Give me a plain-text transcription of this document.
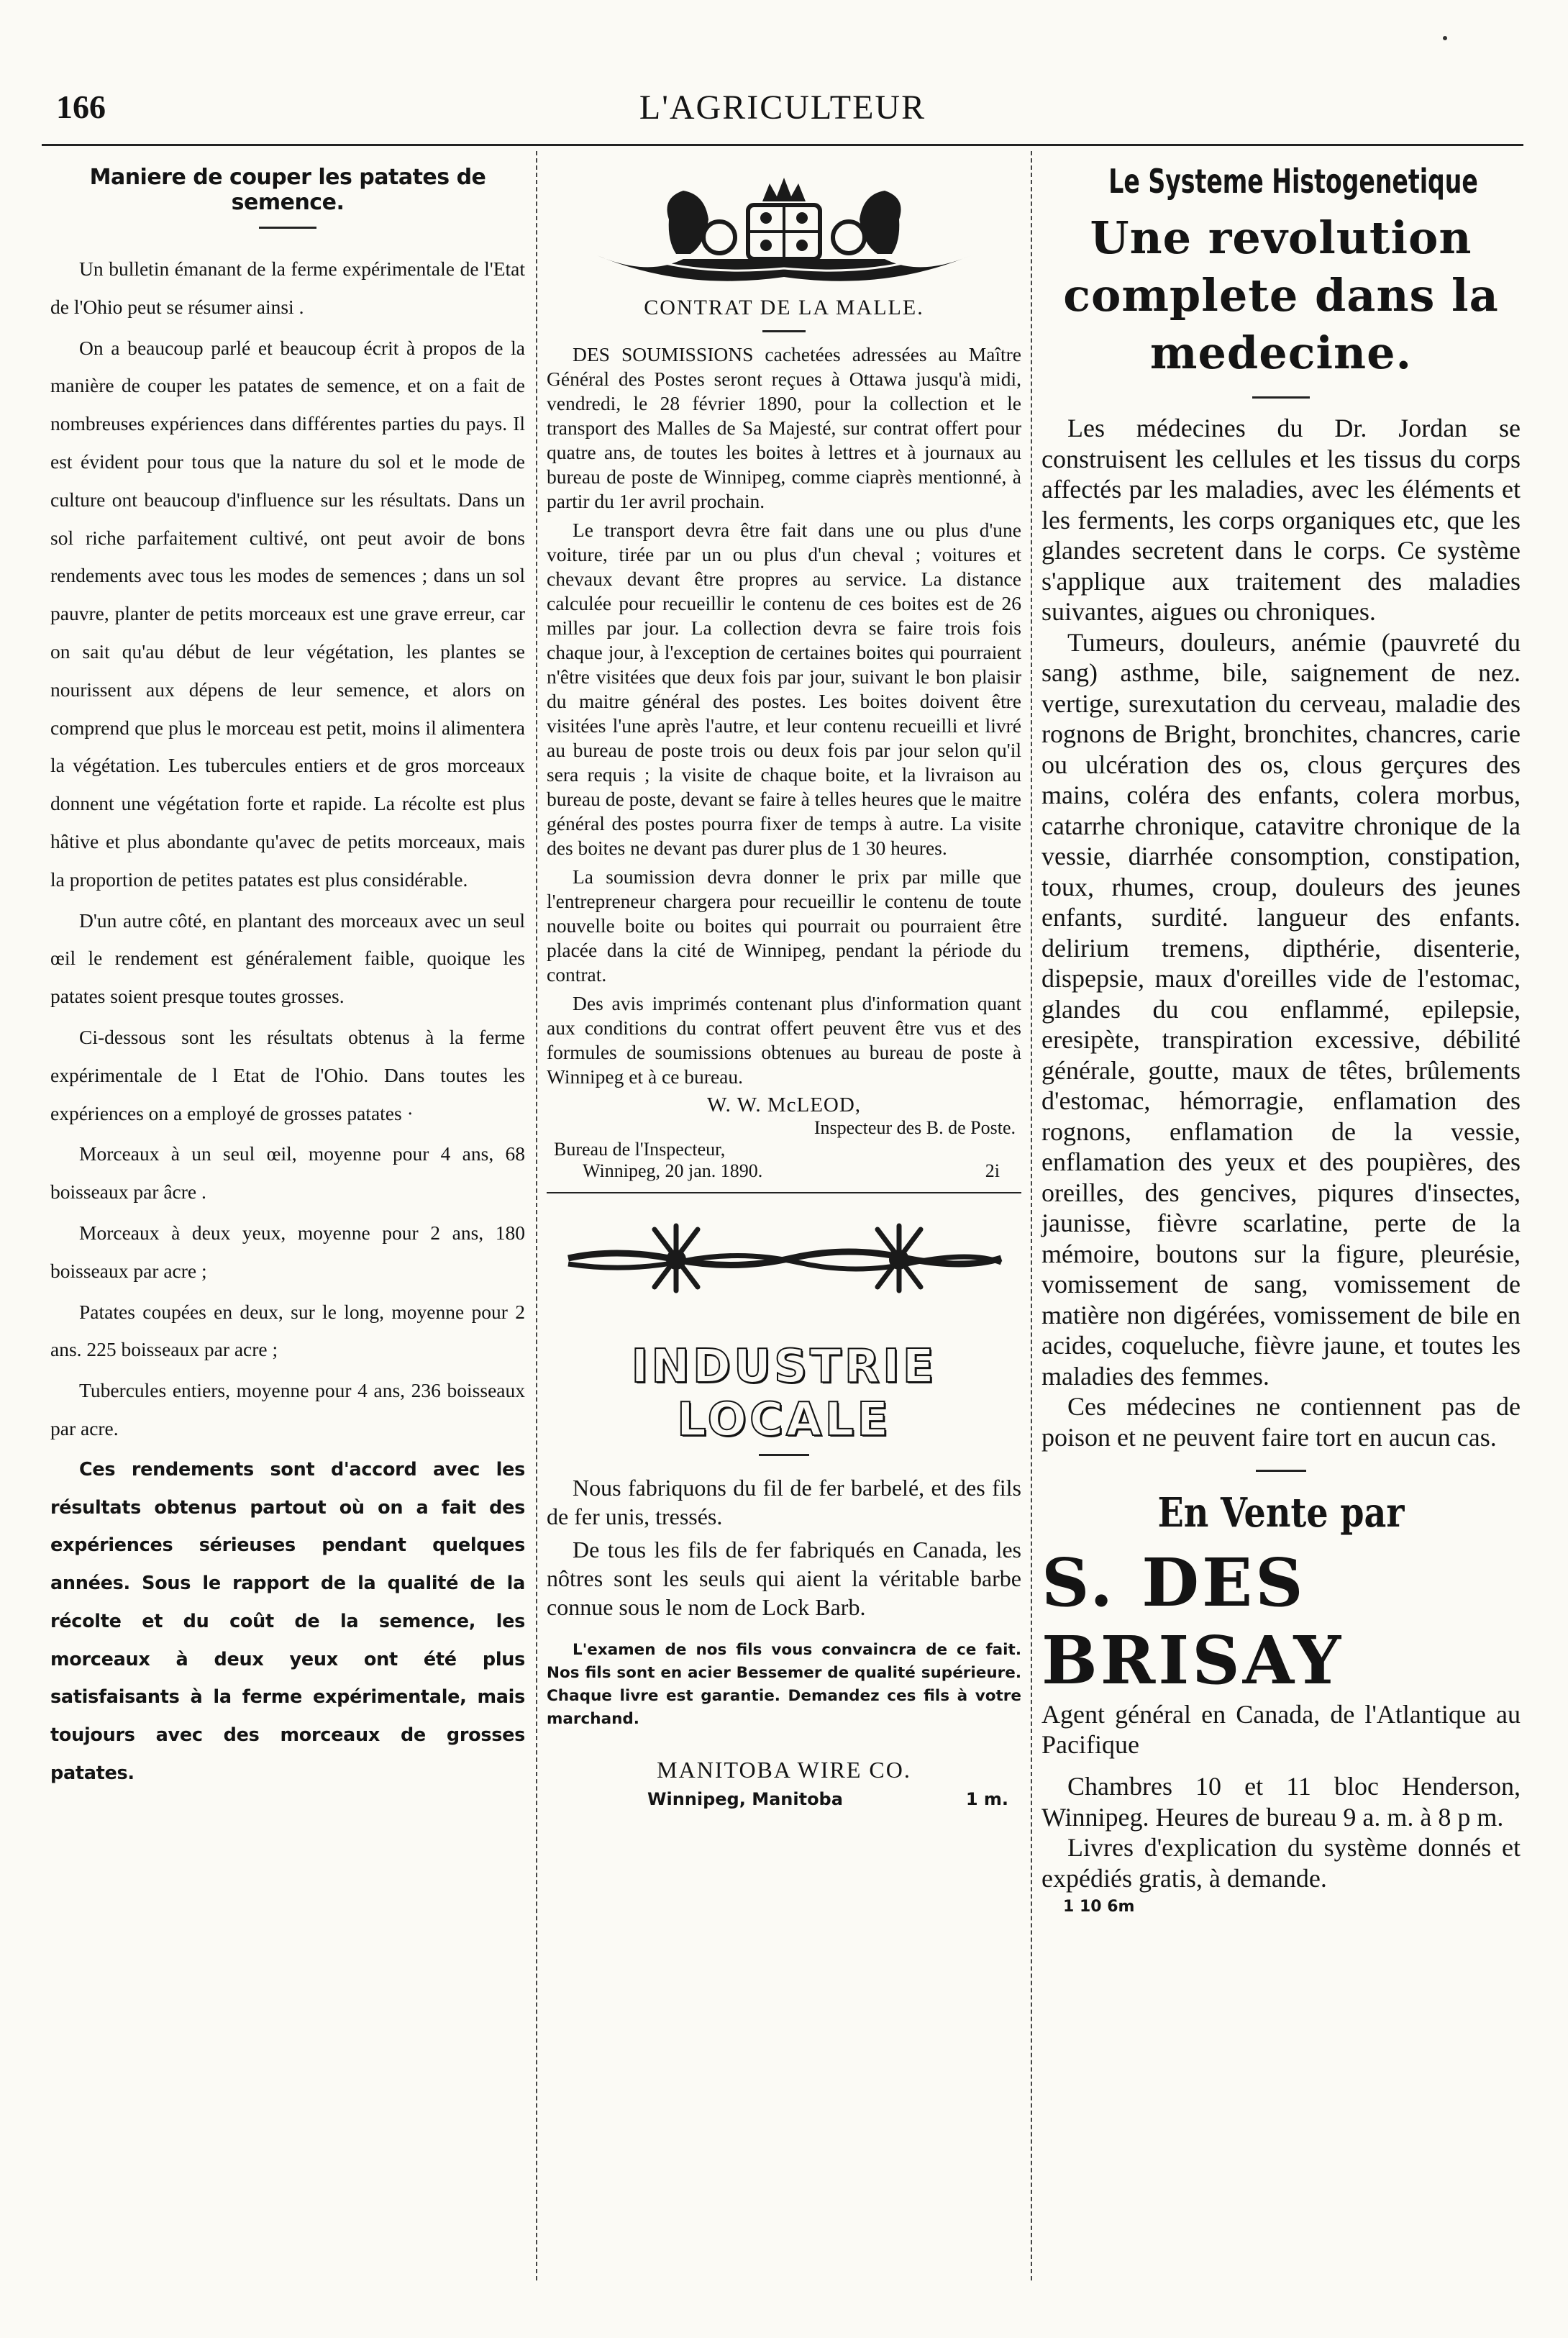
166	L'AGRICULTEUR
Maniere de couper les patates de semence.

Un bulletin émanant de la ferme expérimentale de l'Etat de l'Ohio peut se résumer ainsi .

On a beaucoup parlé et beaucoup écrit à propos de la manière de couper les patates de semence, et on a fait de nombreuses expériences dans différentes parties du pays. Il est évident pour tous que la nature du sol et le mode de culture ont beaucoup d'influence sur les résultats. Dans un sol riche parfaitement cultivé, ont peut avoir de bons rendements avec tous les modes de semences ; dans un sol pauvre, planter de petits morceaux est une grave erreur, car on sait qu'au début de leur végétation, les plantes se nourissent aux dépens de leur semence, et alors on comprend que plus le morceau est petit, moins il alimentera la végétation. Les tubercules entiers et de gros morceaux donnent une végétation forte et rapide. La récolte est plus hâtive et plus abondante qu'avec de petits morceaux, mais la proportion de petites patates est plus considérable.

D'un autre côté, en plantant des morceaux avec un seul œil le rendement est généralement faible, quoique les patates soient presque toutes grosses.

Ci-dessous sont les résultats obtenus à la ferme expérimentale de l Etat de l'Ohio. Dans toutes les expériences on a employé de grosses patates ·

Morceaux à un seul œil, moyenne pour 4 ans, 68 boisseaux par âcre .

Morceaux à deux yeux, moyenne pour 2 ans, 180 boisseaux par acre ;

Patates coupées en deux, sur le long, moyenne pour 2 ans. 225 boisseaux par acre ;

Tubercules entiers, moyenne pour 4 ans, 236 boisseaux par acre.

Ces rendements sont d'accord avec les résultats obtenus partout où on a fait des expériences sérieuses pendant quelques années. Sous le rapport de la qualité de la récolte et du coût de la semence, les morceaux à deux yeux ont été plus satisfaisants à la ferme expérimentale, mais toujours avec des morceaux de grosses patates.

CONTRAT DE LA MALLE.

DES SOUMISSIONS cachetées adressées au Maître Général des Postes seront reçues à Ottawa jusqu'à midi, vendredi, le 28 février 1890, pour la collection et le transport des Malles de Sa Majesté, sur contrat offert pour quatre ans, de toutes les boites à lettres et à journaux au bureau de poste de Winnipeg, comme ciaprès mentionné, à partir du 1er avril prochain.

Le transport devra être fait dans une ou plus d'une voiture, tirée par un ou plus d'un cheval ; voitures et chevaux devant être propres au service. La distance calculée pour recueillir le contenu de ces boites est de 26 milles par jour. La collection devra se faire trois fois chaque jour, à l'exception de certaines boites qui pourraient n'être visitées que deux fois par jour, suivant le bon plaisir du maitre général des postes. Les boites doivent être visitées l'une après l'autre, et leur contenu recueilli et livré au bureau de poste trois ou deux fois par jour selon qu'il sera requis ; la visite de chaque boite, et la livraison au bureau de poste, devant se faire à telles heures que le maitre général des postes pourra fixer de temps à autre. La visite des boites ne devant pas durer plus de 1 30 heures.

La soumission devra donner le prix par mille que l'entrepreneur chargera pour recueillir le contenu de toute nouvelle boite ou boites qui pourrait ou pourraient être placée dans la cité de Winnipeg, pendant la période du contrat.

Des avis imprimés contenant plus d'information quant aux conditions du contrat offert peuvent être vus et des formules de soumissions obtenues au bureau de poste à Winnipeg et à ce bureau.

W. W. McLEOD,
Inspecteur des B. de Poste.
Bureau de l'Inspecteur,
Winnipeg, 20 jan. 1890.	2i
INDUSTRIE LOCALE

Nous fabriquons du fil de fer barbelé, et des fils de fer unis, tressés.

De tous les fils de fer fabriqués en Canada, les nôtres sont les seuls qui aient la véritable barbe connue sous le nom de Lock Barb.

L'examen de nos fils vous convaincra de ce fait. Nos fils sont en acier Bessemer de qualité supérieure. Chaque livre est garantie. Demandez ces fils à votre marchand.

MANITOBA WIRE CO.
Winnipeg, Manitoba	1 m.
Le Systeme Histogenetique
Une revolution complete dans la medecine.

Les médecines du Dr. Jordan se construisent les cellules et les tissus du corps affectés par les maladies, avec les éléments et les ferments, les corps organiques etc, que les glandes secretent dans le corps. Ce système s'applique aux traitement des maladies suivantes, aigues ou chroniques.

Tumeurs, douleurs, anémie (pauvreté du sang) asthme, bile, saignement de nez. vertige, surexutation du cerveau, maladie des rognons de Bright, bronchites, chancres, carie ou ulcération des os, clous gerçures des mains, coléra des enfants, colera morbus, catarrhe chronique, catavitre chronique de la vessie, diarrhée consomption, constipation, toux, rhumes, croup, douleurs des jeunes enfants, surdité. langueur des enfants. delirium tremens, dipthérie, disenterie, dispepsie, maux d'oreilles vide de l'estomac, glandes du cou enflammé, epilepsie, eresipète, transpiration excessive, débilité générale, goutte, maux de têtes, brûlements d'estomac, hémorragie, enflamation des rognons, enflamation de la vessie, enflamation des yeux et des poupières, des oreilles, des gencives, piqures d'insectes, jaunisse, fièvre scarlatine, perte de la mémoire, boutons sur la figure, pleurésie, vomissement de sang, vomissement de matière non digérées, vomissement de bile en acides, coqueluche, fièvre jaune, et toutes les maladies des femmes.

Ces médecines ne contiennent pas de poison et ne peuvent faire tort en aucun cas.

En Vente par
S. DES BRISAY

Agent général en Canada, de l'Atlantique au Pacifique

Chambres 10 et 11 bloc Henderson, Winnipeg. Heures de bureau 9 a. m. à 8 p m.

Livres d'explication du système donnés et expédiés gratis, à demande.

1 10 6m
